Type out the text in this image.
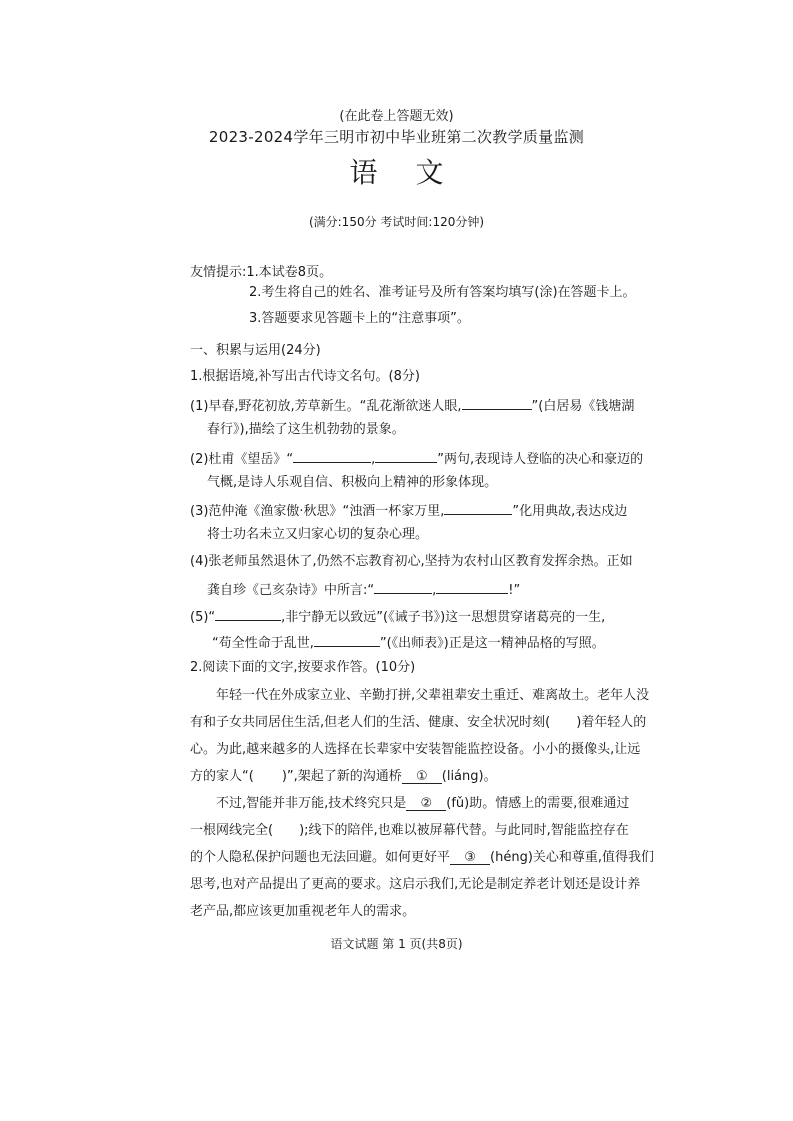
(在此卷上答题无效)
2023-2024学年三明市初中毕业班第二次教学质量监测
语文
(满分:150分 考试时间:120分钟)
友情提示:1.本试卷8页。
2.考生将自己的姓名、准考证号及所有答案均填写(涂)在答题卡上。
3.答题要求见答题卡上的“注意事项”。
一、积累与运用(24分)
1.根据语境,补写出古代诗文名句。(8分)
(1)早春,野花初放,芳草新生。“乱花渐欲迷人眼,	”(白居易《钱塘湖
春行》),描绘了这生机勃勃的景象。
(2)杜甫《望岳》“	,	”两句,表现诗人登临的决心和豪迈的
气概,是诗人乐观自信、积极向上精神的形象体现。
(3)范仲淹《渔家傲·秋思》“浊酒一杯家万里,	”化用典故,表达戍边
将士功名未立又归家心切的复杂心理。
(4)张老师虽然退休了,仍然不忘教育初心,坚持为农村山区教育发挥余热。正如
龚自珍《己亥杂诗》中所言:“	,	!”
(5)“	,非宁静无以致远”(《诫子书》)这一思想贯穿诸葛亮的一生,
“苟全性命于乱世,	”(《出师表》)正是这一精神品格的写照。
2.阅读下面的文字,按要求作答。(10分)
年轻一代在外成家立业、辛勤打拼,父辈祖辈安土重迁、难离故土。老年人没
有和子女共同居住生活,但老人们的生活、健康、安全状况时刻( )着年轻人的
心。为此,越来越多的人选择在长辈家中安装智能监控设备。小小的摄像头,让远
方的家人“( )”,架起了新的沟通桥 ① (liáng)。
不过,智能并非万能,技术终究只是 ② (fǔ)助。情感上的需要,很难通过
一根网线完全( );线下的陪伴,也难以被屏幕代替。与此同时,智能监控存在
的个人隐私保护问题也无法回避。如何更好平 ③ (héng)关心和尊重,值得我们
思考,也对产品提出了更高的要求。这启示我们,无论是制定养老计划还是设计养
老产品,都应该更加重视老年人的需求。
语文试题 第 1 页(共8页)
